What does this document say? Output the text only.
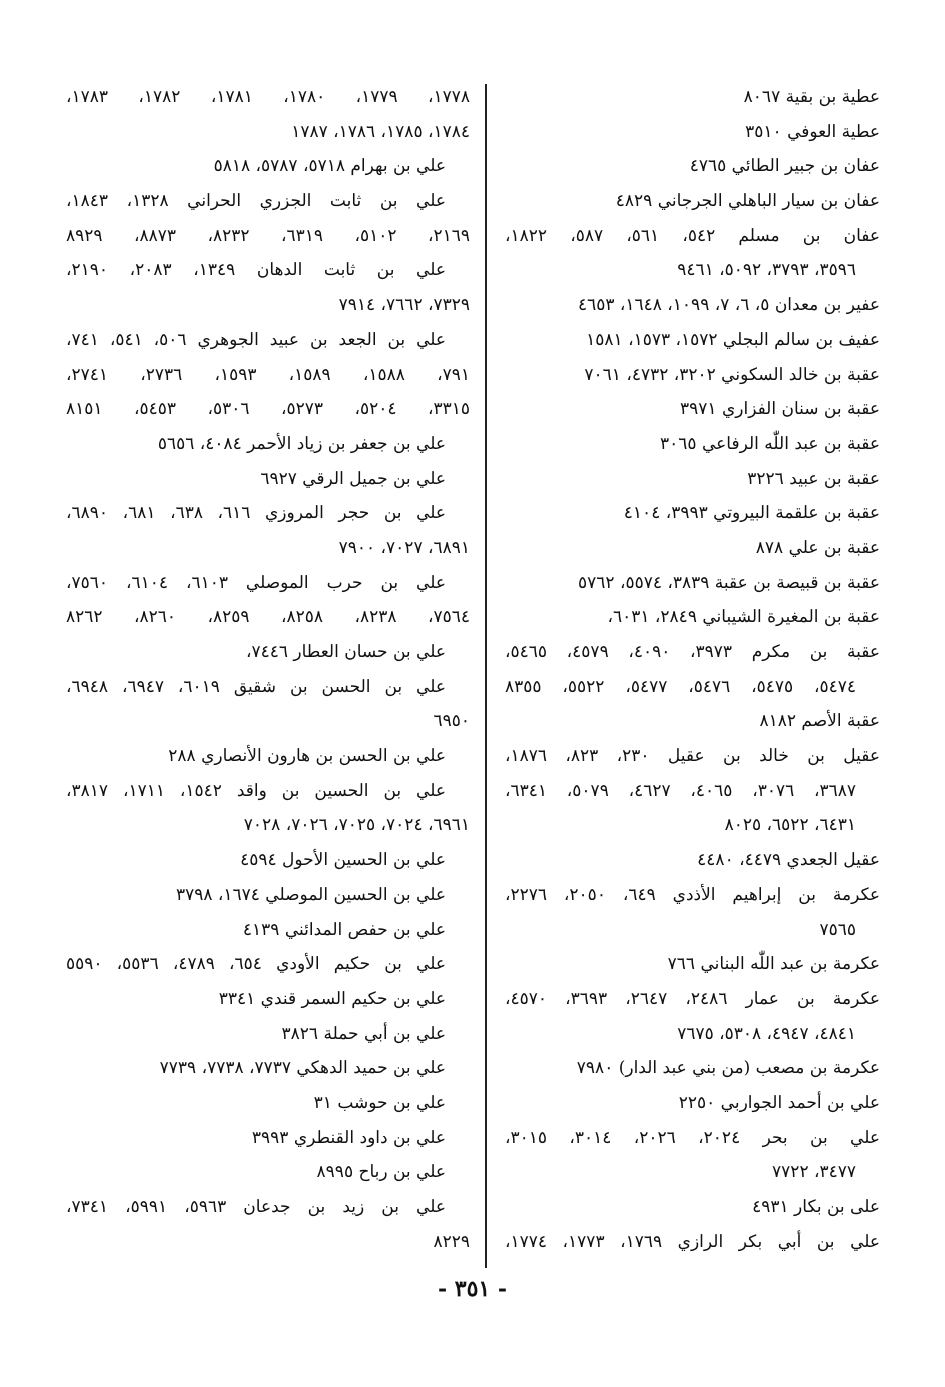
عطية بن بقية ٨٠٦٧
عطية العوفي ٣٥١٠
عفان بن جبير الطائي ٤٧٦٥
عفان بن سيار الباهلي الجرجاني ٤٨٢٩
عفان بن مسلم ٥٤٢، ٥٦١، ٥٨٧، ١٨٢٢،
٣٥٩٦، ٣٧٩٣، ٥٠٩٢، ٩٤٦١
عفير بن معدان ٥، ٦، ٧، ١٠٩٩، ١٦٤٨، ٤٦٥٣
عفيف بن سالم البجلي ١٥٧٢، ١٥٧٣، ١٥٨١
عقبة بن خالد السكوني ٣٢٠٢، ٤٧٣٢، ٧٠٦١
عقبة بن سنان الفزاري ٣٩٧١
عقبة بن عبد اللّٰه الرفاعي ٣٠٦٥
عقبة بن عبيد ٣٢٢٦
عقبة بن علقمة البيروتي ٣٩٩٣، ٤١٠٤
عقبة بن علي ٨٧٨
عقبة بن قبيصة بن عقبة ٣٨٣٩، ٥٥٧٤، ٥٧٦٢
عقبة بن المغيرة الشيباني ٢٨٤٩، ٦٠٣١،
عقبة بن مكرم ٣٩٧٣، ٤٠٩٠، ٤٥٧٩، ٥٤٦٥،
٥٤٧٤، ٥٤٧٥، ٥٤٧٦، ٥٤٧٧، ٥٥٢٢، ٨٣٥٥
عقبة الأصم ٨١٨٢
عقيل بن خالد بن عقيل ٢٣٠، ٨٢٣، ١٨٧٦،
٣٦٨٧، ٣٠٧٦، ٤٠٦٥، ٤٦٢٧، ٥٠٧٩، ٦٣٤١،
٦٤٣١، ٦٥٢٢، ٨٠٢٥
عقيل الجعدي ٤٤٧٩، ٤٤٨٠
عكرمة بن إبراهيم الأذدي ٦٤٩، ٢٠٥٠، ٢٢٧٦،
٧٥٦٥
عكرمة بن عبد اللّٰه البناني ٧٦٦
عكرمة بن عمار ٢٤٨٦، ٢٦٤٧، ٣٦٩٣، ٤٥٧٠،
٤٨٤١، ٤٩٤٧، ٥٣٠٨، ٧٦٧٥
عكرمة بن مصعب (من بني عبد الدار) ٧٩٨٠
علي بن أحمد الجواربي ٢٢٥٠
علي بن بحر ٢٠٢٤، ٢٠٢٦، ٣٠١٤، ٣٠١٥،
٣٤٧٧، ٧٧٢٢
على بن بكار ٤٩٣١
علي بن أبي بكر الرازي ١٧٦٩، ١٧٧٣، ١٧٧٤،
١٧٧٨، ١٧٧٩، ١٧٨٠، ١٧٨١، ١٧٨٢، ١٧٨٣،
١٧٨٤، ١٧٨٥، ١٧٨٦، ١٧٨٧
علي بن بهرام ٥٧١٨، ٥٧٨٧، ٥٨١٨
علي بن ثابت الجزري الحراني ١٣٢٨، ١٨٤٣،
٢١٦٩، ٥١٠٢، ٦٣١٩، ٨٢٣٢، ٨٨٧٣، ٨٩٢٩
علي بن ثابت الدهان ١٣٤٩، ٢٠٨٣، ٢١٩٠،
٧٣٢٩، ٧٦٦٢، ٧٩١٤
علي بن الجعد بن عبيد الجوهري ٥٠٦، ٥٤١، ٧٤١،
٧٩١، ١٥٨٨، ١٥٨٩، ١٥٩٣، ٢٧٣٦، ٢٧٤١،
٣٣١٥، ٥٢٠٤، ٥٢٧٣، ٥٣٠٦، ٥٤٥٣، ٨١٥١
علي بن جعفر بن زياد الأحمر ٤٠٨٤، ٥٦٥٦
علي بن جميل الرقي ٦٩٢٧
علي بن حجر المروزي ٦١٦، ٦٣٨، ٦٨١، ٦٨٩٠،
٦٨٩١، ٧٠٢٧، ٧٩٠٠
علي بن حرب الموصلي ٦١٠٣، ٦١٠٤، ٧٥٦٠،
٧٥٦٤، ٨٢٣٨، ٨٢٥٨، ٨٢٥٩، ٨٢٦٠، ٨٢٦٢
علي بن حسان العطار ٧٤٤٦،
علي بن الحسن بن شقيق ٦٠١٩، ٦٩٤٧، ٦٩٤٨،
٦٩٥٠
علي بن الحسن بن هارون الأنصاري ٢٨٨
علي بن الحسين بن واقد ١٥٤٢، ١٧١١، ٣٨١٧،
٦٩٦١، ٧٠٢٤، ٧٠٢٥، ٧٠٢٦، ٧٠٢٨
علي بن الحسين الأحول ٤٥٩٤
علي بن الحسين الموصلي ١٦٧٤، ٣٧٩٨
علي بن حفص المدائني ٤١٣٩
علي بن حكيم الأودي ٦٥٤، ٤٧٨٩، ٥٥٣٦، ٥٥٩٠
علي بن حكيم السمر قندي ٣٣٤١
علي بن أبي حملة ٣٨٢٦
علي بن حميد الدهكي ٧٧٣٧، ٧٧٣٨، ٧٧٣٩
علي بن حوشب ٣١
علي بن داود القنطري ٣٩٩٣
علي بن رباح ٨٩٩٥
علي بن زيد بن جدعان ٥٩٦٣، ٥٩٩١، ٧٣٤١،
٨٢٢٩
- ٣٥١ -
